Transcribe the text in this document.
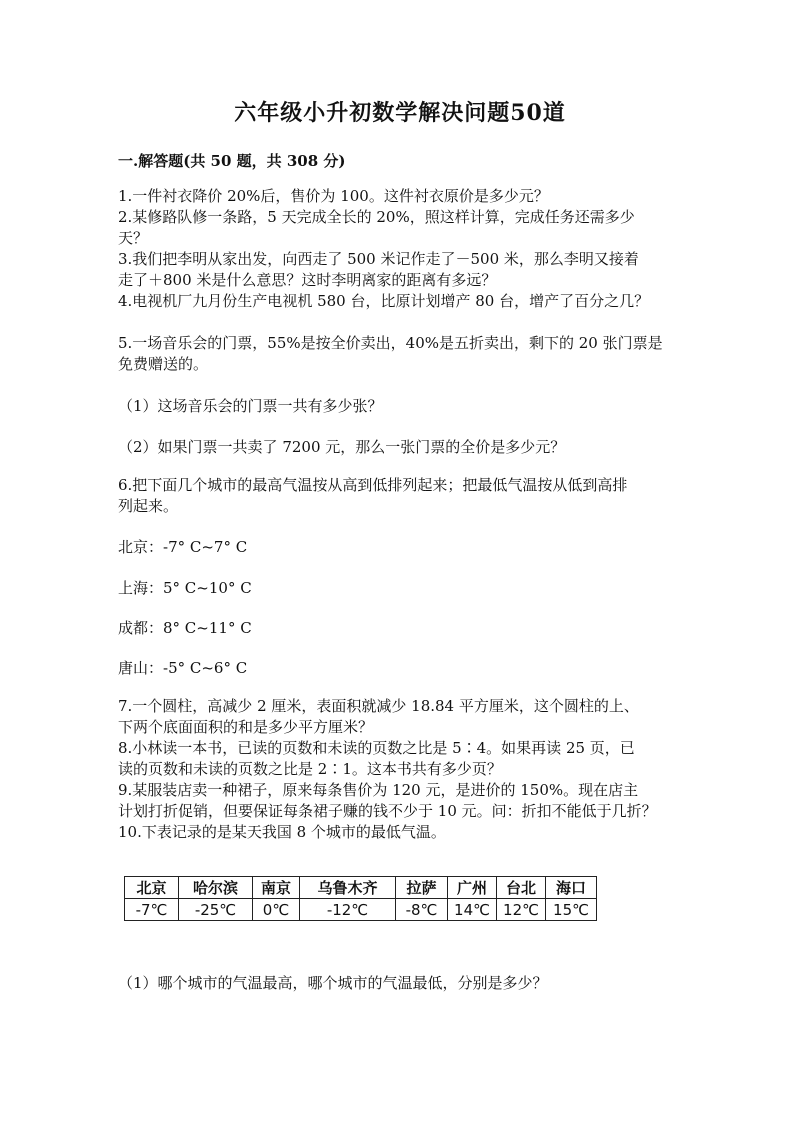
六年级小升初数学解决问题50道
一.解答题(共 50 题，共 308 分)
1.一件衬衣降价 20%后，售价为 100。这件衬衣原价是多少元？
2.某修路队修一条路，5 天完成全长的 20%，照这样计算，完成任务还需多少
天？
3.我们把李明从家出发，向西走了 500 米记作走了－500 米，那么李明又接着
走了＋800 米是什么意思？这时李明离家的距离有多远？
4.电视机厂九月份生产电视机 580 台，比原计划增产 80 台，增产了百分之几？
5.一场音乐会的门票，55%是按全价卖出，40%是五折卖出，剩下的 20 张门票是
免费赠送的。
（1）这场音乐会的门票一共有多少张？
（2）如果门票一共卖了 7200 元，那么一张门票的全价是多少元？
6.把下面几个城市的最高气温按从高到低排列起来；把最低气温按从低到高排
列起来。
北京：-7° C~7° C
上海：5° C~10° C
成都：8° C~11° C
唐山：-5° C~6° C
7.一个圆柱，高减少 2 厘米，表面积就减少 18.84 平方厘米，这个圆柱的上、
下两个底面面积的和是多少平方厘米？
8.小林读一本书，已读的页数和未读的页数之比是 5∶4。如果再读 25 页，已
读的页数和未读的页数之比是 2∶1。这本书共有多少页？
9.某服装店卖一种裙子，原来每条售价为 120 元，是进价的 150%。现在店主
计划打折促销，但要保证每条裙子赚的钱不少于 10 元。问：折扣不能低于几折？
10.下表记录的是某天我国 8 个城市的最低气温。
北京	哈尔滨	南京	乌鲁木齐	拉萨	广州	台北	海口
-7℃	-25℃	0℃	-12℃	-8℃	14℃	12℃	15℃
（1）哪个城市的气温最高，哪个城市的气温最低，分别是多少？
